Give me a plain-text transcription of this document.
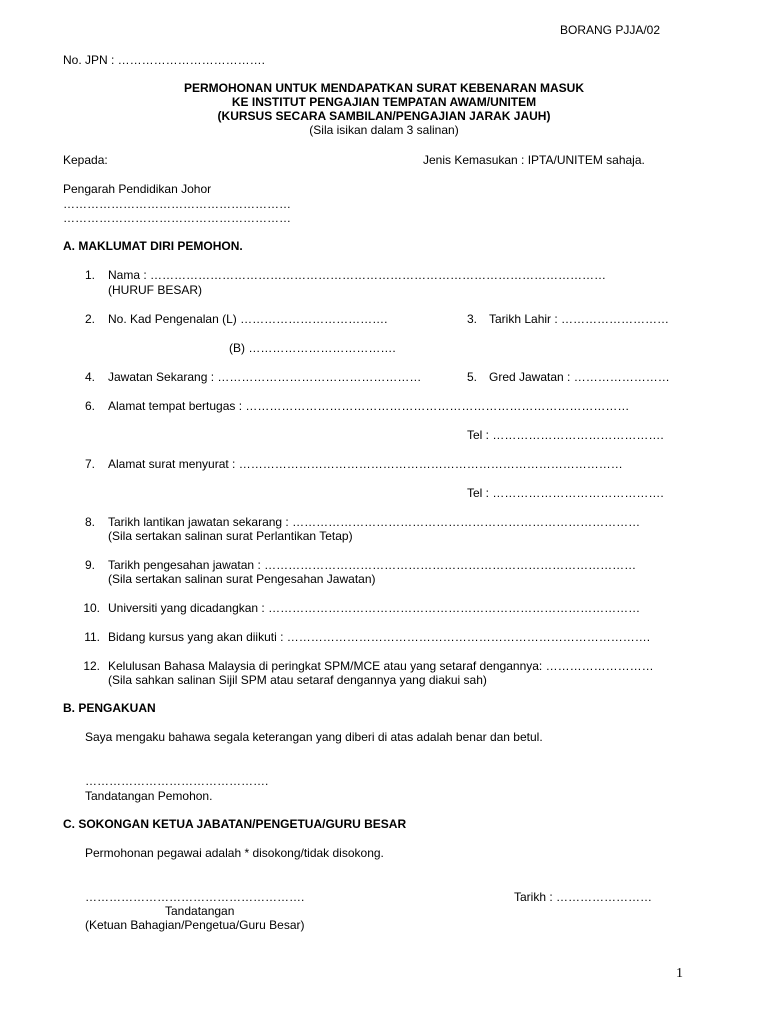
BORANG PJJA/02
No. JPN : ……………………………….
PERMOHONAN UNTUK MENDAPATKAN SURAT KEBENARAN MASUK
KE INSTITUT PENGAJIAN TEMPATAN AWAM/UNITEM
(KURSUS SECARA SAMBILAN/PENGAJIAN JARAK JAUH)
(Sila isikan dalam 3 salinan)
Kepada:	Jenis Kemasukan : IPTA/UNITEM sahaja.
Pengarah Pendidikan Johor
…………………………………………………
…………………………………………………
A. MAKLUMAT DIRI PEMOHON.
1. Nama : ……………………………………………………………………………………………………
(HURUF BESAR)
2. No. Kad Pengenalan (L) ……………………………….	3. Tarikh Lahir : ………………………
(B) ……………………………….
4. Jawatan Sekarang : ……………………………………………	5. Gred Jawatan : ……………………
6. Alamat tempat bertugas : ……………………………………………………………………………………
Tel : …………………………………….
7. Alamat surat menyurat : ……………………………………………………………………………………
Tel : …………………………………….
8. Tarikh lantikan jawatan sekarang : ……………………………………………………………………………
(Sila sertakan salinan surat Perlantikan Tetap)
9. Tarikh pengesahan jawatan : …………………………………………………………………………………
(Sila sertakan salinan surat Pengesahan Jawatan)
10. Universiti yang dicadangkan : …………………………………………………………………………………
11. Bidang kursus yang akan diikuti : ……………………………………………………………………………….
12. Kelulusan Bahasa Malaysia di peringkat SPM/MCE atau yang setaraf dengannya: ………………………
(Sila sahkan salinan Sijil SPM atau setaraf dengannya yang diakui sah)
B. PENGAKUAN
Saya mengaku bahawa segala keterangan yang diberi di atas adalah benar dan betul.
……………………………………….
Tandatangan Pemohon.
C. SOKONGAN KETUA JABATAN/PENGETUA/GURU BESAR
Permohonan pegawai adalah * disokong/tidak disokong.
……………………………………………….	Tarikh : ……………………
Tandatangan
(Ketuan Bahagian/Pengetua/Guru Besar)
1
